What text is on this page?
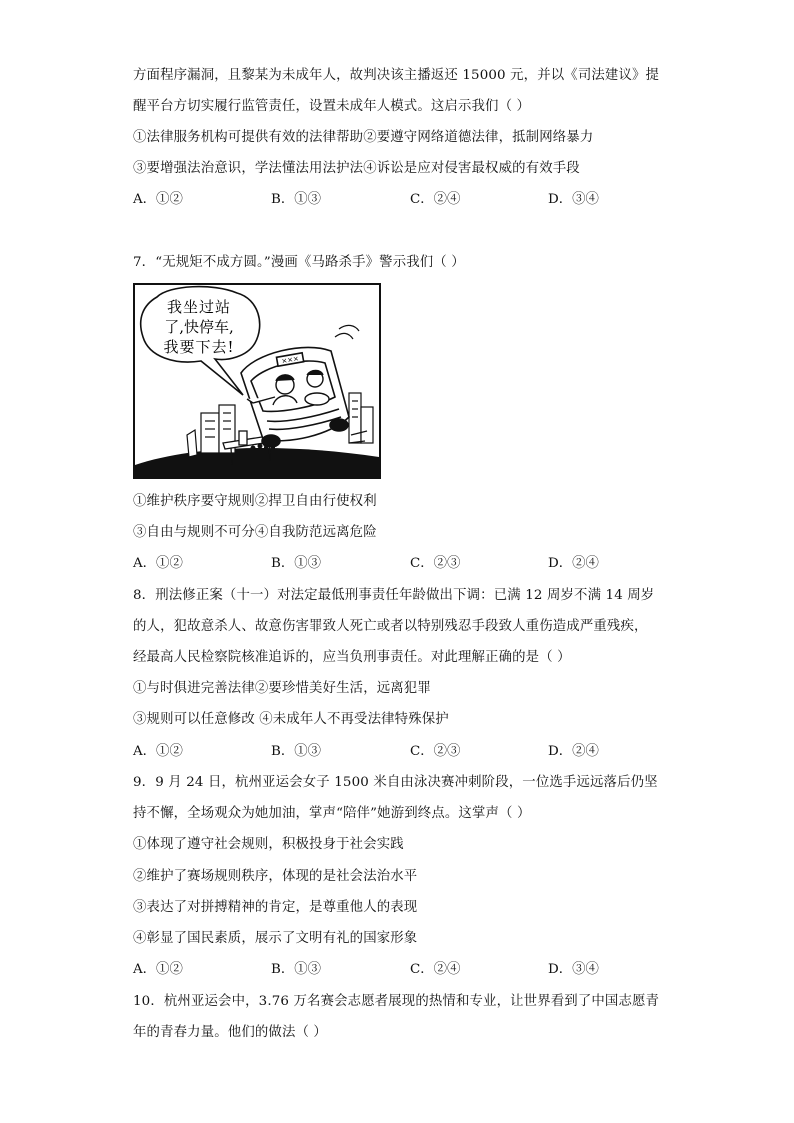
方面程序漏洞，且黎某为未成年人，故判决该主播返还 15000 元，并以《司法建议》提
醒平台方切实履行监管责任，设置未成年人模式。这启示我们（ ）
①法律服务机构可提供有效的法律帮助②要遵守网络道德法律，抵制网络暴力
③要增强法治意识，学法懂法用法护法④诉讼是应对侵害最权威的有效手段
A．①②	B．①③	C．②④	D．③④
7．“无规矩不成方圆。”漫画《马路杀手》警示我们（ ）
×××
我坐过站
了,快停车,
我要下去!
①维护秩序要守规则②捍卫自由行使权利
③自由与规则不可分④自我防范远离危险
A．①②	B．①③	C．②③	D．②④
8．刑法修正案（十一）对法定最低刑事责任年龄做出下调：已满 12 周岁不满 14 周岁
的人，犯故意杀人、故意伤害罪致人死亡或者以特别残忍手段致人重伤造成严重残疾，
经最高人民检察院核准追诉的，应当负刑事责任。对此理解正确的是（ ）
①与时俱进完善法律②要珍惜美好生活，远离犯罪
③规则可以任意修改 ④未成年人不再受法律特殊保护
A．①②	B．①③	C．②③	D．②④
9．9 月 24 日，杭州亚运会女子 1500 米自由泳决赛冲刺阶段，一位选手远远落后仍坚
持不懈，全场观众为她加油，掌声“陪伴”她游到终点。这掌声（ ）
①体现了遵守社会规则，积极投身于社会实践
②维护了赛场规则秩序，体现的是社会法治水平
③表达了对拼搏精神的肯定，是尊重他人的表现
④彰显了国民素质，展示了文明有礼的国家形象
A．①②	B．①③	C．②④	D．③④
10．杭州亚运会中，3.76 万名赛会志愿者展现的热情和专业，让世界看到了中国志愿青
年的青春力量。他们的做法（ ）
